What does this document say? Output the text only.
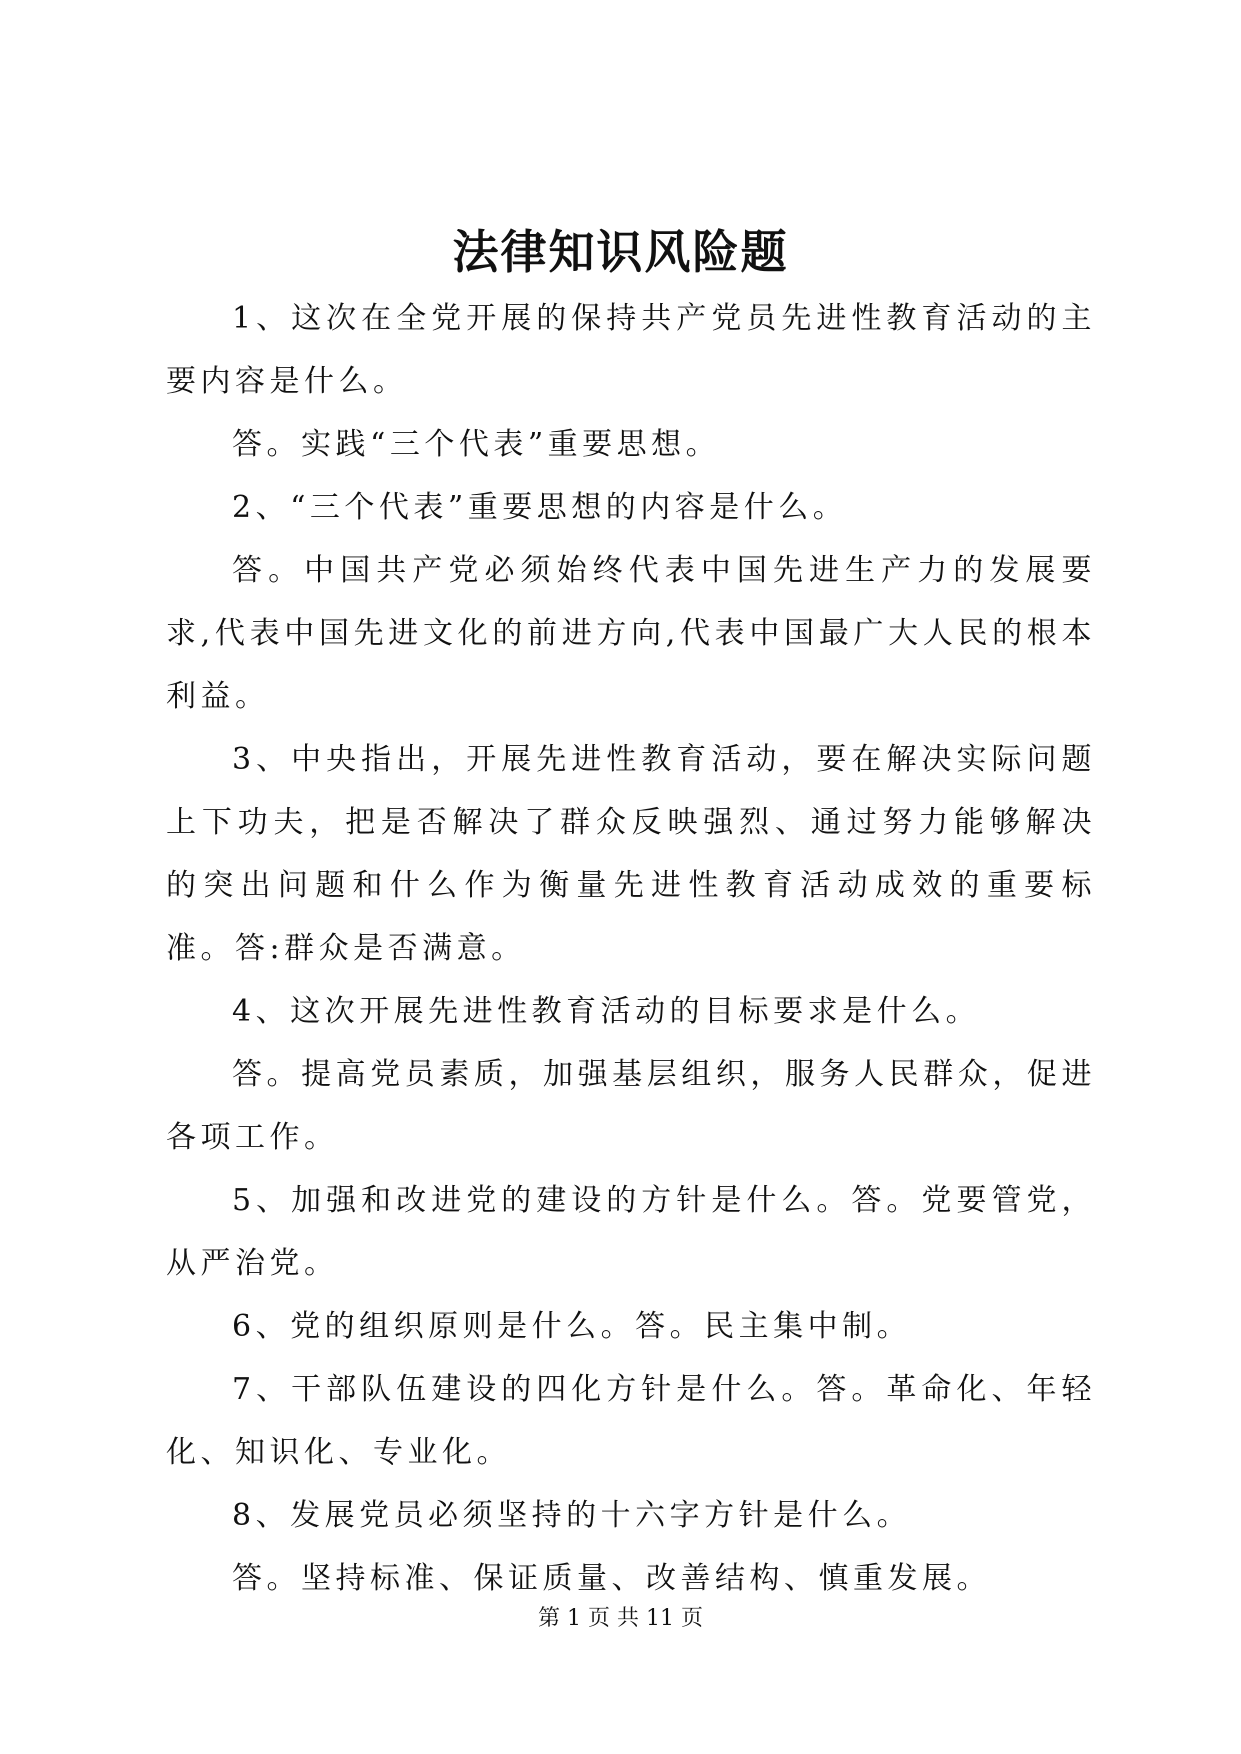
法律知识风险题

1、这次在全党开展的保持共产党员先进性教育活动的主要内容是什么。

答。实践“三个代表”重要思想。

2、“三个代表”重要思想的内容是什么。

答。中国共产党必须始终代表中国先进生产力的发展要求,代表中国先进文化的前进方向,代表中国最广大人民的根本利益。

3、中央指出，开展先进性教育活动，要在解决实际问题上下功夫，把是否解决了群众反映强烈、通过努力能够解决的突出问题和什么作为衡量先进性教育活动成效的重要标准。答:群众是否满意。

4、这次开展先进性教育活动的目标要求是什么。

答。提高党员素质，加强基层组织，服务人民群众，促进各项工作。

5、加强和改进党的建设的方针是什么。答。党要管党，从严治党。

6、党的组织原则是什么。答。民主集中制。

7、干部队伍建设的四化方针是什么。答。革命化、年轻化、知识化、专业化。

8、发展党员必须坚持的十六字方针是什么。

答。坚持标准、保证质量、改善结构、慎重发展。

第 1 页 共 11 页
